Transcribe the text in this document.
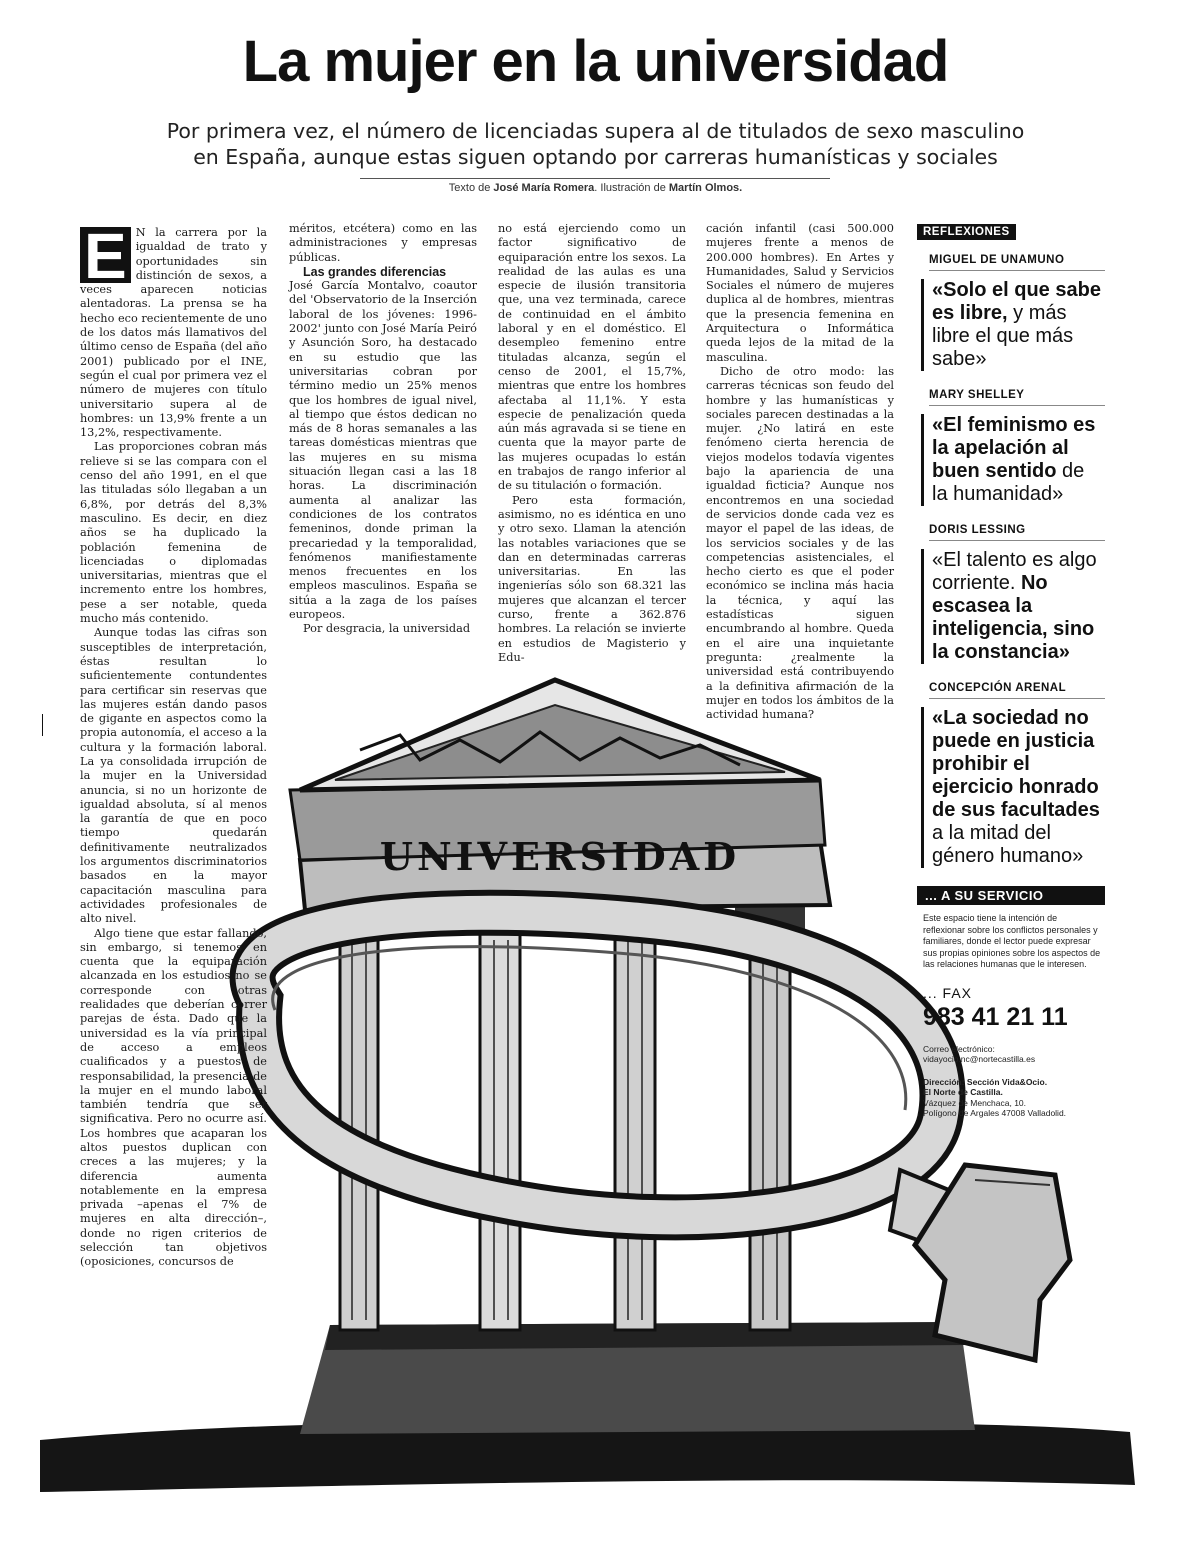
UNIVERSIDAD
La mujer en la universidad
Por primera vez, el número de licenciadas supera al de titulados de sexo masculino
en España, aunque estas siguen optando por carreras humanísticas y sociales
Texto de José María Romera. Ilustración de Martín Olmos.

E N la carrera por la igualdad de trato y oportunidades sin distinción de sexos, a veces aparecen noticias alentadoras. La prensa se ha hecho eco recientemente de uno de los datos más llamativos del último censo de España (del año 2001) publicado por el INE, según el cual por primera vez el número de mujeres con título universitario supera al de hombres: un 13,9% frente a un 13,2%, respectivamente.

Las proporciones cobran más relieve si se las compara con el censo del año 1991, en el que las tituladas sólo llegaban a un 6,8%, por detrás del 8,3% masculino. Es decir, en diez años se ha duplicado la población femenina de licenciadas o diplomadas universitarias, mientras que el incremento entre los hombres, pese a ser notable, queda mucho más contenido.

Aunque todas las cifras son susceptibles de interpretación, éstas resultan lo suficientemente contundentes para certificar sin reservas que las mujeres están dando pasos de gigante en aspectos como la propia autonomía, el acceso a la cultura y la formación laboral. La ya consolidada irrupción de la mujer en la Universidad anuncia, si no un horizonte de igualdad absoluta, sí al menos la garantía de que en poco tiempo quedarán definitivamente neutralizados los argumentos discriminatorios basados en la mayor capacitación masculina para actividades profesionales de alto nivel.

Algo tiene que estar fallando, sin embargo, si tenemos en cuenta que la equiparación alcanzada en los estudios no se corresponde con otras realidades que deberían correr parejas de ésta. Dado que la universidad es la vía principal de acceso a empleos cualificados y a puestos de responsabilidad, la presencia de la mujer en el mundo laboral también tendría que ser significativa. Pero no ocurre así. Los hombres que acaparan los altos puestos duplican con creces a las mujeres; y la diferencia aumenta notablemente en la empresa privada –apenas el 7% de mujeres en alta dirección–, donde no rigen criterios de selección tan objetivos (oposiciones, concursos de

méritos, etcétera) como en las administraciones y empresas públicas.

Las grandes diferencias

José García Montalvo, coautor del 'Observatorio de la Inserción laboral de los jóvenes: 1996-2002' junto con José María Peiró y Asunción Soro, ha destacado en su estudio que las universitarias cobran por término medio un 25% menos que los hombres de igual nivel, al tiempo que éstos dedican no más de 8 horas semanales a las tareas domésticas mientras que las mujeres en su misma situación llegan casi a las 18 horas. La discriminación aumenta al analizar las condiciones de los contratos femeninos, donde priman la precariedad y la temporalidad, fenómenos manifiestamente menos frecuentes en los empleos masculinos. España se sitúa a la zaga de los países europeos.

Por desgracia, la universidad

no está ejerciendo como un factor significativo de equiparación entre los sexos. La realidad de las aulas es una especie de ilusión transitoria que, una vez terminada, carece de continuidad en el ámbito laboral y en el doméstico. El desempleo femenino entre tituladas alcanza, según el censo de 2001, el 15,7%, mientras que entre los hombres afectaba al 11,1%. Y esta especie de penalización queda aún más agravada si se tiene en cuenta que la mayor parte de las mujeres ocupadas lo están en trabajos de rango inferior al de su titulación o formación.

Pero esta formación, asimismo, no es idéntica en uno y otro sexo. Llaman la atención las notables variaciones que se dan en determinadas carreras universitarias. En las ingenierías sólo son 68.321 las mujeres que alcanzan el tercer curso, frente a 362.876 hombres. La relación se invierte en estudios de Magisterio y Edu-

cación infantil (casi 500.000 mujeres frente a menos de 200.000 hombres). En Artes y Humanidades, Salud y Servicios Sociales el número de mujeres duplica al de hombres, mientras que la presencia femenina en Arquitectura o Informática queda lejos de la mitad de la masculina.

Dicho de otro modo: las carreras técnicas son feudo del hombre y las humanísticas y sociales parecen destinadas a la mujer. ¿No latirá en este fenómeno cierta herencia de viejos modelos todavía vigentes bajo la apariencia de una igualdad ficticia? Aunque nos encontremos en una sociedad de servicios donde cada vez es mayor el papel de las ideas, de los servicios sociales y de las competencias asistenciales, el hecho cierto es que el poder económico se inclina más hacia la técnica, y aquí las estadísticas siguen encumbrando al hombre. Queda en el aire una inquietante pregunta: ¿realmente la universidad está contribuyendo a la definitiva afirmación de la mujer en todos los ámbitos de la actividad humana?

REFLEXIONES
MIGUEL DE UNAMUNO
«Solo el que sabe es libre, y más libre el que más sabe»
MARY SHELLEY
«El feminismo es la apelación al buen sentido de la humanidad»
DORIS LESSING
«El talento es algo corriente. No escasea la inteligencia, sino la constancia»
CONCEPCIÓN ARENAL
«La sociedad no puede en justicia prohibir el ejercicio honrado de sus facultades a la mitad del género humano»
... A SU SERVICIO
Este espacio tiene la intención de reflexionar sobre los conflictos personales y familiares, donde el lector puede expresar sus propias opiniones sobre los aspectos de las relaciones humanas que le interesen.
... FAX
983 41 21 11
Correo electrónico:
vidayocio.nc@nortecastilla.es
Dirección: Sección Vida&Ocio.
El Norte de Castilla.
Vázquez de Menchaca, 10.
Polígono de Argales 47008 Valladolid.
